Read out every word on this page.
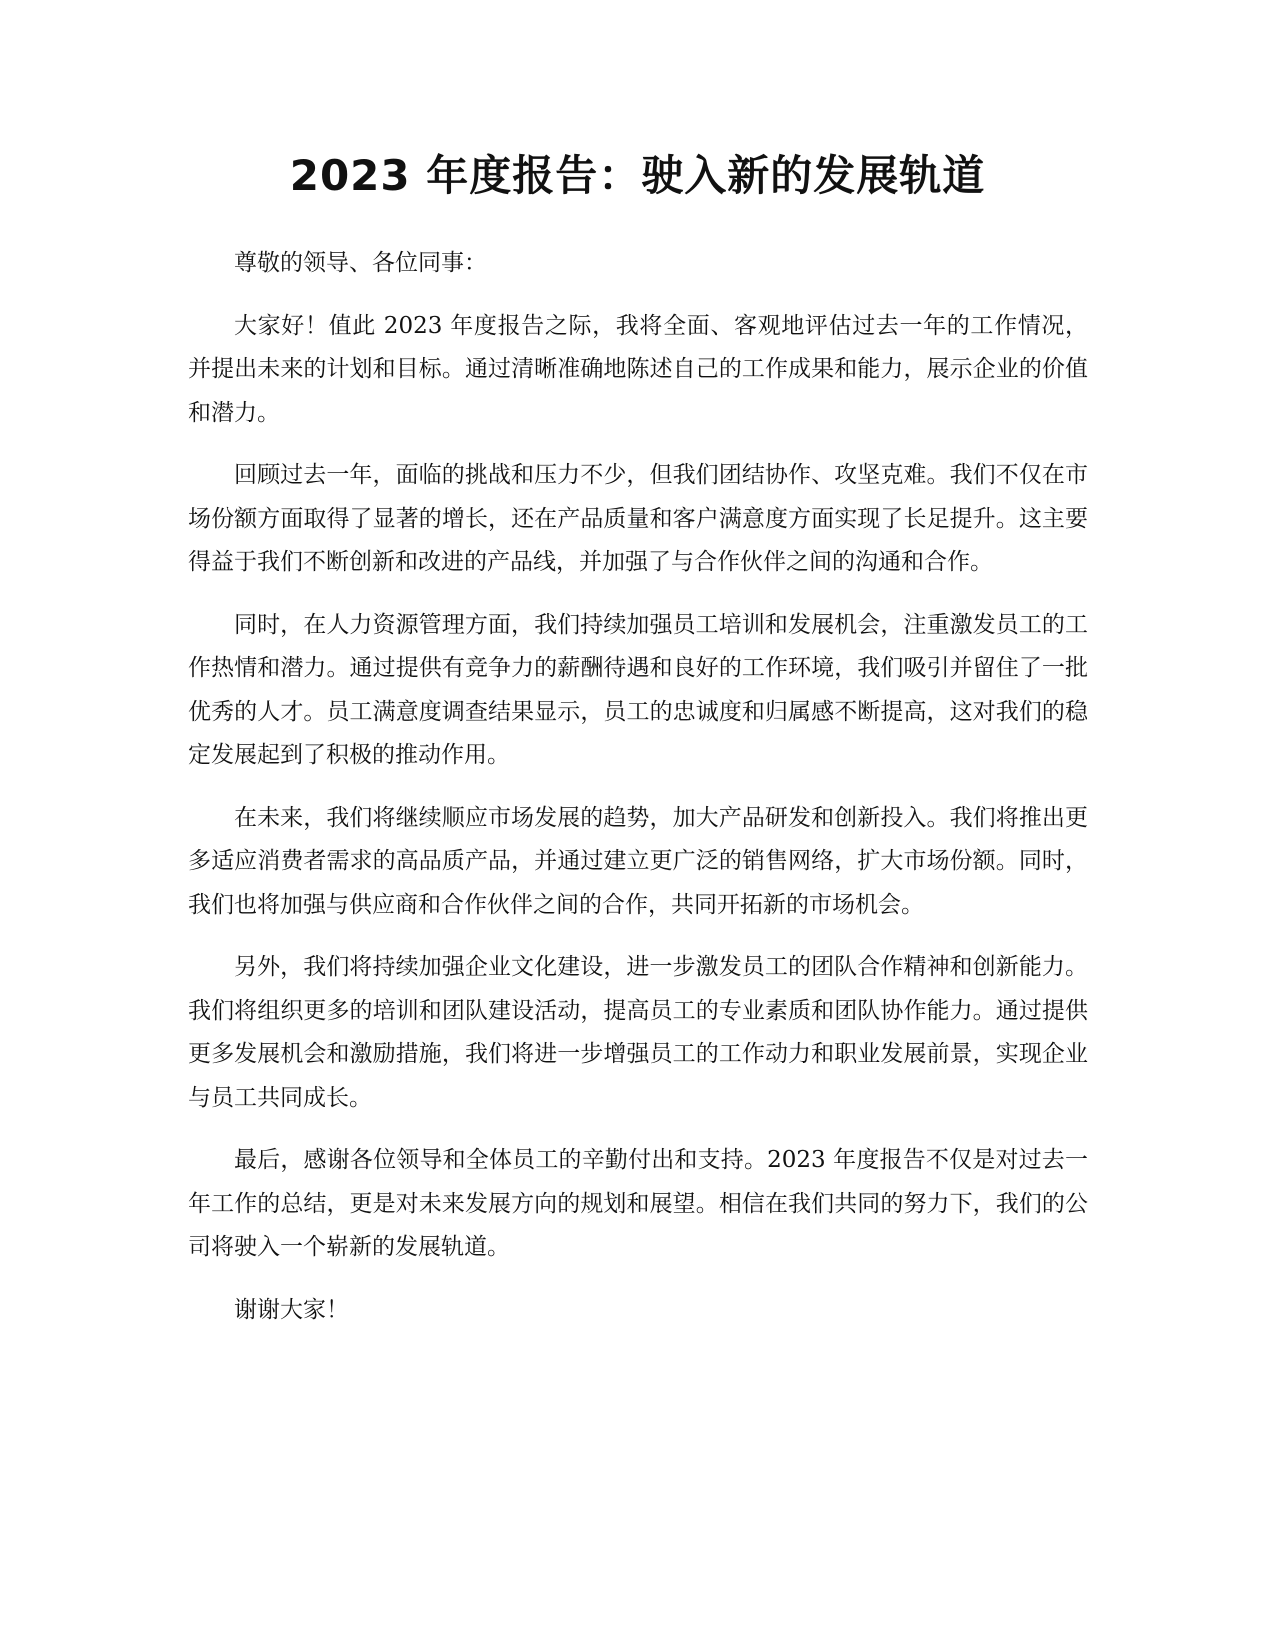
2023 年度报告：驶入新的发展轨道

尊敬的领导、各位同事：

大家好！值此 2023 年度报告之际，我将全面、客观地评估过去一年的工作情况，并提出未来的计划和目标。通过清晰准确地陈述自己的工作成果和能力，展示企业的价值和潜力。

回顾过去一年，面临的挑战和压力不少，但我们团结协作、攻坚克难。我们不仅在市场份额方面取得了显著的增长，还在产品质量和客户满意度方面实现了长足提升。这主要得益于我们不断创新和改进的产品线，并加强了与合作伙伴之间的沟通和合作。

同时，在人力资源管理方面，我们持续加强员工培训和发展机会，注重激发员工的工作热情和潜力。通过提供有竞争力的薪酬待遇和良好的工作环境，我们吸引并留住了一批优秀的人才。员工满意度调查结果显示，员工的忠诚度和归属感不断提高，这对我们的稳定发展起到了积极的推动作用。

在未来，我们将继续顺应市场发展的趋势，加大产品研发和创新投入。我们将推出更多适应消费者需求的高品质产品，并通过建立更广泛的销售网络，扩大市场份额。同时，我们也将加强与供应商和合作伙伴之间的合作，共同开拓新的市场机会。

另外，我们将持续加强企业文化建设，进一步激发员工的团队合作精神和创新能力。我们将组织更多的培训和团队建设活动，提高员工的专业素质和团队协作能力。通过提供更多发展机会和激励措施，我们将进一步增强员工的工作动力和职业发展前景，实现企业与员工共同成长。

最后，感谢各位领导和全体员工的辛勤付出和支持。2023 年度报告不仅是对过去一年工作的总结，更是对未来发展方向的规划和展望。相信在我们共同的努力下，我们的公司将驶入一个崭新的发展轨道。

谢谢大家！
